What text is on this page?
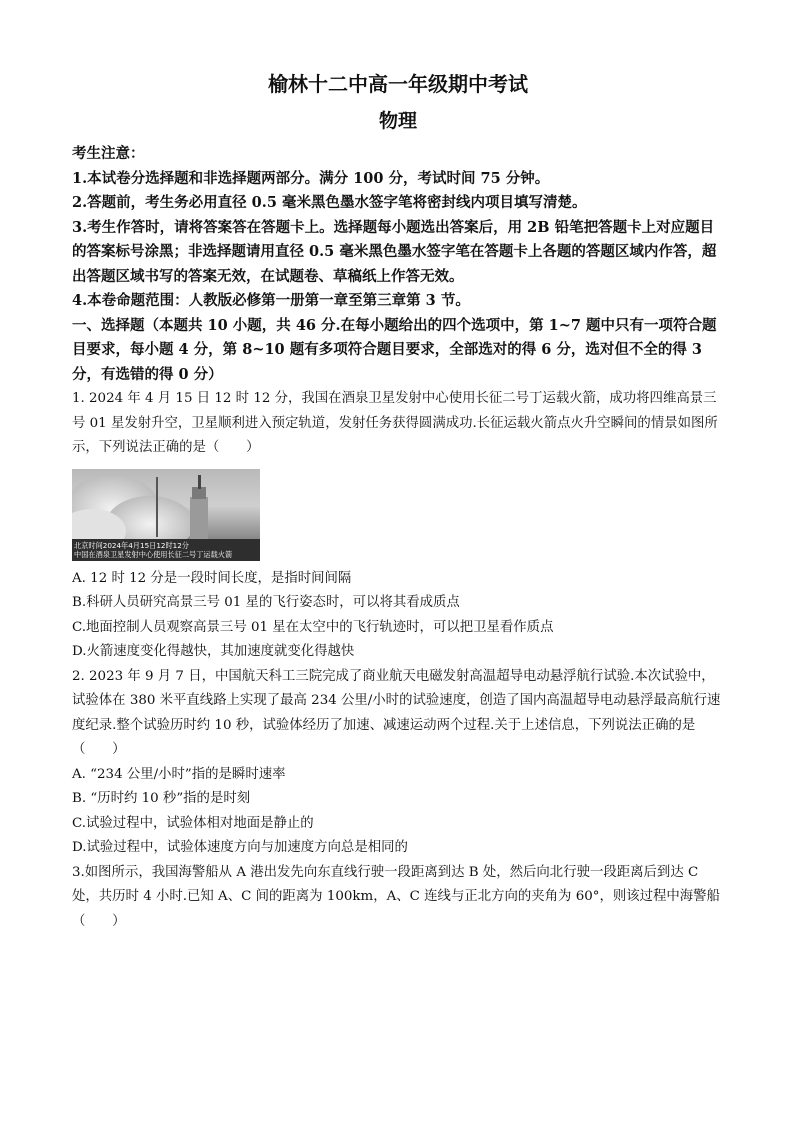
榆林十二中高一年级期中考试
物理
考生注意：
1.本试卷分选择题和非选择题两部分。满分 100 分，考试时间 75 分钟。
2.答题前，考生务必用直径 0.5 毫米黑色墨水签字笔将密封线内项目填写清楚。
3.考生作答时，请将答案答在答题卡上。选择题每小题选出答案后，用 2B 铅笔把答题卡上对应题目的答案标号涂黑；非选择题请用直径 0.5 毫米黑色墨水签字笔在答题卡上各题的答题区域内作答，超出答题区域书写的答案无效，在试题卷、草稿纸上作答无效。
4.本卷命题范围：人教版必修第一册第一章至第三章第 3 节。
一、选择题（本题共 10 小题，共 46 分.在每小题给出的四个选项中，第 1~7 题中只有一项符合题目要求，每小题 4 分，第 8~10 题有多项符合题目要求，全部选对的得 6 分，选对但不全的得 3 分，有选错的得 0 分）
1. 2024 年 4 月 15 日 12 时 12 分，我国在酒泉卫星发射中心使用长征二号丁运载火箭，成功将四维高景三号 01 星发射升空，卫星顺利进入预定轨道，发射任务获得圆满成功.长征运载火箭点火升空瞬间的情景如图所示，下列说法正确的是（　　）
北京时间2024年4月15日12时12分
中国在酒泉卫星发射中心使用长征二号丁运载火箭
A. 12 时 12 分是一段时间长度，是指时间间隔
B.科研人员研究高景三号 01 星的飞行姿态时，可以将其看成质点
C.地面控制人员观察高景三号 01 星在太空中的飞行轨迹时，可以把卫星看作质点
D.火箭速度变化得越快，其加速度就变化得越快
2. 2023 年 9 月 7 日，中国航天科工三院完成了商业航天电磁发射高温超导电动悬浮航行试验.本次试验中，试验体在 380 米平直线路上实现了最高 234 公里/小时的试验速度，创造了国内高温超导电动悬浮最高航行速度纪录.整个试验历时约 10 秒，试验体经历了加速、减速运动两个过程.关于上述信息，下列说法正确的是（　　）
A. “234 公里/小时”指的是瞬时速率
B. “历时约 10 秒”指的是时刻
C.试验过程中，试验体相对地面是静止的
D.试验过程中，试验体速度方向与加速度方向总是相同的
3.如图所示，我国海警船从 A 港出发先向东直线行驶一段距离到达 B 处，然后向北行驶一段距离后到达 C 处，共历时 4 小时.已知 A、C 间的距离为 100km，A、C 连线与正北方向的夹角为 60°，则该过程中海警船（　　）
